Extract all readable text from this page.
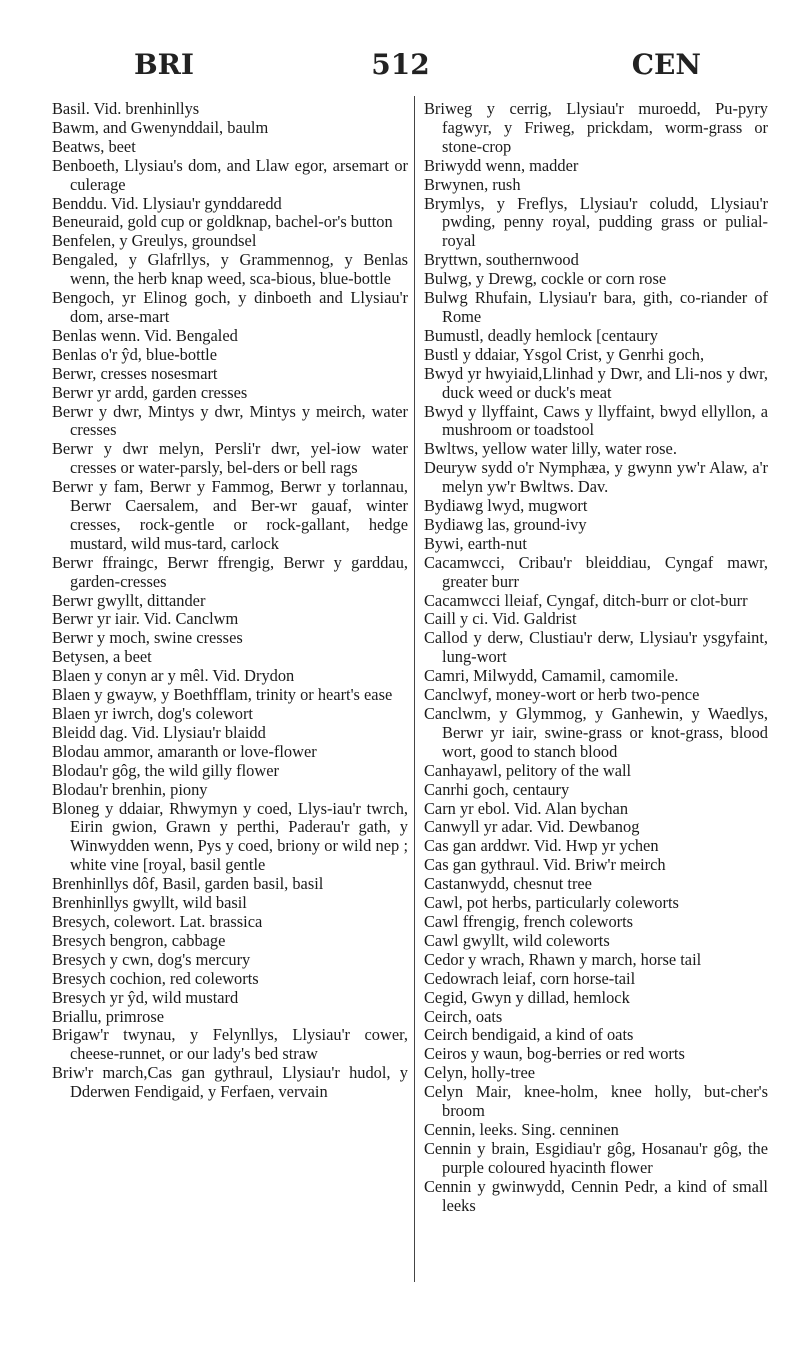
BRI	512	CEN

Basil. Vid. brenhinllys

Bawm, and Gwenynddail, baulm

Beatws, beet

Benboeth, Llysiau's dom, and Llaw egor, arsemart or culerage

Benddu. Vid. Llysiau'r gynddaredd

Beneuraid, gold cup or goldknap, bachel-or's button

Benfelen, y Greulys, groundsel

Bengaled, y Glafrllys, y Grammennog, y Benlas wenn, the herb knap weed, sca-bious, blue-bottle

Bengoch, yr Elinog goch, y dinboeth and Llysiau'r dom, arse-mart

Benlas wenn. Vid. Bengaled

Benlas o'r ŷd, blue-bottle

Berwr, cresses nosesmart

Berwr yr ardd, garden cresses

Berwr y dwr, Mintys y dwr, Mintys y meirch, water cresses

Berwr y dwr melyn, Persli'r dwr, yel-iow water cresses or water-parsly, bel-ders or bell rags

Berwr y fam, Berwr y Fammog, Berwr y torlannau, Berwr Caersalem, and Ber-wr gauaf, winter cresses, rock-gentle or rock-gallant, hedge mustard, wild mus-tard, carlock

Berwr ffraingc, Berwr ffrengig, Berwr y garddau, garden-cresses

Berwr gwyllt, dittander

Berwr yr iair. Vid. Canclwm

Berwr y moch, swine cresses

Betysen, a beet

Blaen y conyn ar y mêl. Vid. Drydon

Blaen y gwayw, y Boethfflam, trinity or heart's ease

Blaen yr iwrch, dog's colewort

Bleidd dag. Vid. Llysiau'r blaidd

Blodau ammor, amaranth or love-flower

Blodau'r gôg, the wild gilly flower

Blodau'r brenhin, piony

Bloneg y ddaiar, Rhwymyn y coed, Llys-iau'r twrch, Eirin gwion, Grawn y perthi, Paderau'r gath, y Winwydden wenn, Pys y coed, briony or wild nep ; white vine [royal, basil gentle

Brenhinllys dôf, Basil, garden basil, basil

Brenhinllys gwyllt, wild basil

Bresych, colewort. Lat. brassica

Bresych bengron, cabbage

Bresych y cwn, dog's mercury

Bresych cochion, red coleworts

Bresych yr ŷd, wild mustard

Briallu, primrose

Brigaw'r twynau, y Felynllys, Llysiau'r cower, cheese-runnet, or our lady's bed straw

Briw'r march,Cas gan gythraul, Llysiau'r hudol, y Dderwen Fendigaid, y Ferfaen, vervain

Briweg y cerrig, Llysiau'r muroedd, Pu-pyry fagwyr, y Friweg, prickdam, worm-grass or stone-crop

Briwydd wenn, madder

Brwynen, rush

Brymlys, y Freflys, Llysiau'r coludd, Llysiau'r pwding, penny royal, pudding grass or pulial-royal

Bryttwn, southernwood

Bulwg, y Drewg, cockle or corn rose

Bulwg Rhufain, Llysiau'r bara, gith, co-riander of Rome

Bumustl, deadly hemlock [centaury

Bustl y ddaiar, Ysgol Crist, y Genrhi goch,

Bwyd yr hwyiaid,Llinhad y Dwr, and Lli-nos y dwr, duck weed or duck's meat

Bwyd y llyffaint, Caws y llyffaint, bwyd ellyllon, a mushroom or toadstool

Bwltws, yellow water lilly, water rose.

Deuryw sydd o'r Nymphæa, y gwynn yw'r Alaw, a'r melyn yw'r Bwltws. Dav.

Bydiawg lwyd, mugwort

Bydiawg las, ground-ivy

Bywi, earth-nut

Cacamwcci, Cribau'r bleiddiau, Cyngaf mawr, greater burr

Cacamwcci lleiaf, Cyngaf, ditch-burr or clot-burr

Caill y ci. Vid. Galdrist

Callod y derw, Clustiau'r derw, Llysiau'r ysgyfaint, lung-wort

Camri, Milwydd, Camamil, camomile.

Canclwyf, money-wort or herb two-pence

Canclwm, y Glymmog, y Ganhewin, y Waedlys, Berwr yr iair, swine-grass or knot-grass, blood wort, good to stanch blood

Canhayawl, pelitory of the wall

Canrhi goch, centaury

Carn yr ebol. Vid. Alan bychan

Canwyll yr adar. Vid. Dewbanog

Cas gan arddwr. Vid. Hwp yr ychen

Cas gan gythraul. Vid. Briw'r meirch

Castanwydd, chesnut tree

Cawl, pot herbs, particularly coleworts

Cawl ffrengig, french coleworts

Cawl gwyllt, wild coleworts

Cedor y wrach, Rhawn y march, horse tail

Cedowrach leiaf, corn horse-tail

Cegid, Gwyn y dillad, hemlock

Ceirch, oats

Ceirch bendigaid, a kind of oats

Ceiros y waun, bog-berries or red worts

Celyn, holly-tree

Celyn Mair, knee-holm, knee holly, but-cher's broom

Cennin, leeks. Sing. cenninen

Cennin y brain, Esgidiau'r gôg, Hosanau'r gôg, the purple coloured hyacinth flower

Cennin y gwinwydd, Cennin Pedr, a kind of small leeks
